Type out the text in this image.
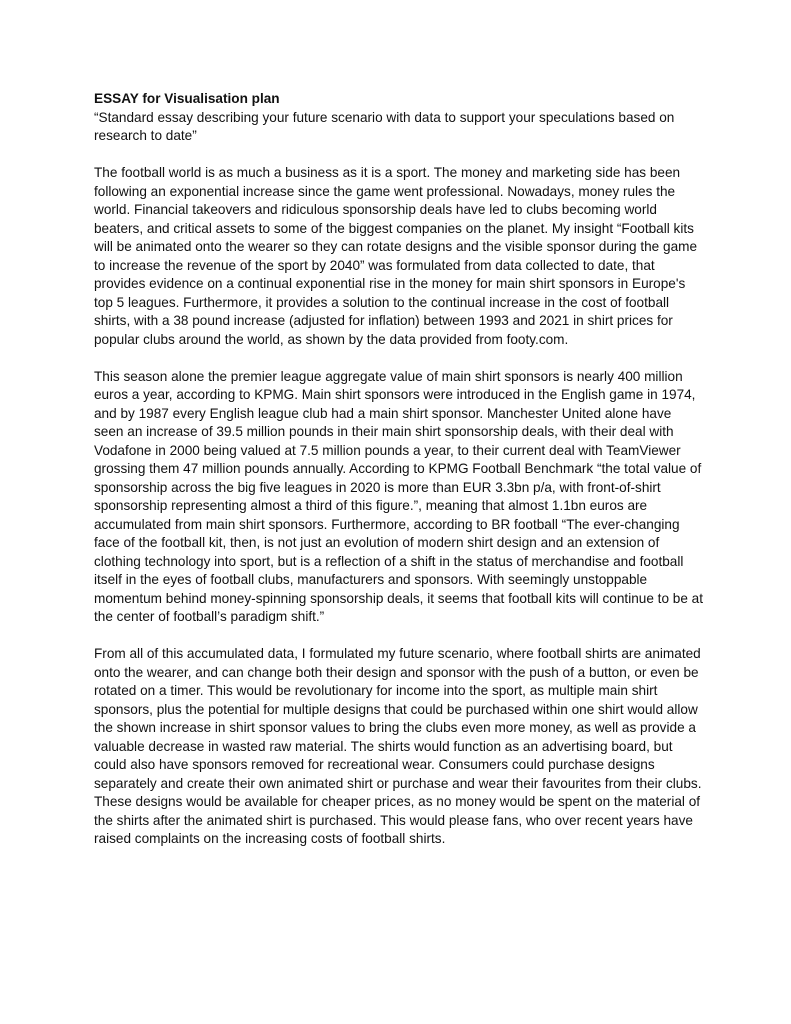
ESSAY for Visualisation plan

“Standard essay describing your future scenario with data to support your speculations based on research to date”

The football world is as much a business as it is a sport. The money and marketing side has been following an exponential increase since the game went professional. Nowadays, money rules the world. Financial takeovers and ridiculous sponsorship deals have led to clubs becoming world beaters, and critical assets to some of the biggest companies on the planet. My insight “Football kits will be animated onto the wearer so they can rotate designs and the visible sponsor during the game to increase the revenue of the sport by 2040” was formulated from data collected to date, that provides evidence on a continual exponential rise in the money for main shirt sponsors in Europe's top 5 leagues. Furthermore, it provides a solution to the continual increase in the cost of football shirts, with a 38 pound increase (adjusted for inflation) between 1993 and 2021 in shirt prices for popular clubs around the world, as shown by the data provided from footy.com.

This season alone the premier league aggregate value of main shirt sponsors is nearly 400 million euros a year, according to KPMG. Main shirt sponsors were introduced in the English game in 1974, and by 1987 every English league club had a main shirt sponsor. Manchester United alone have seen an increase of 39.5 million pounds in their main shirt sponsorship deals, with their deal with Vodafone in 2000 being valued at 7.5 million pounds a year, to their current deal with TeamViewer grossing them 47 million pounds annually. According to KPMG Football Benchmark “the total value of sponsorship across the big five leagues in 2020 is more than EUR 3.3bn p/a, with front-of-shirt sponsorship representing almost a third of this figure.”, meaning that almost 1.1bn euros are accumulated from main shirt sponsors. Furthermore, according to BR football “The ever-changing face of the football kit, then, is not just an evolution of modern shirt design and an extension of clothing technology into sport, but is a reflection of a shift in the status of merchandise and football itself in the eyes of football clubs, manufacturers and sponsors. With seemingly unstoppable momentum behind money-spinning sponsorship deals, it seems that football kits will continue to be at the center of football’s paradigm shift.”

From all of this accumulated data, I formulated my future scenario, where football shirts are animated onto the wearer, and can change both their design and sponsor with the push of a button, or even be rotated on a timer. This would be revolutionary for income into the sport, as multiple main shirt sponsors, plus the potential for multiple designs that could be purchased within one shirt would allow the shown increase in shirt sponsor values to bring the clubs even more money, as well as provide a valuable decrease in wasted raw material. The shirts would function as an advertising board, but could also have sponsors removed for recreational wear. Consumers could purchase designs separately and create their own animated shirt or purchase and wear their favourites from their clubs. These designs would be available for cheaper prices, as no money would be spent on the material of the shirts after the animated shirt is purchased. This would please fans, who over recent years have raised complaints on the increasing costs of football shirts.
